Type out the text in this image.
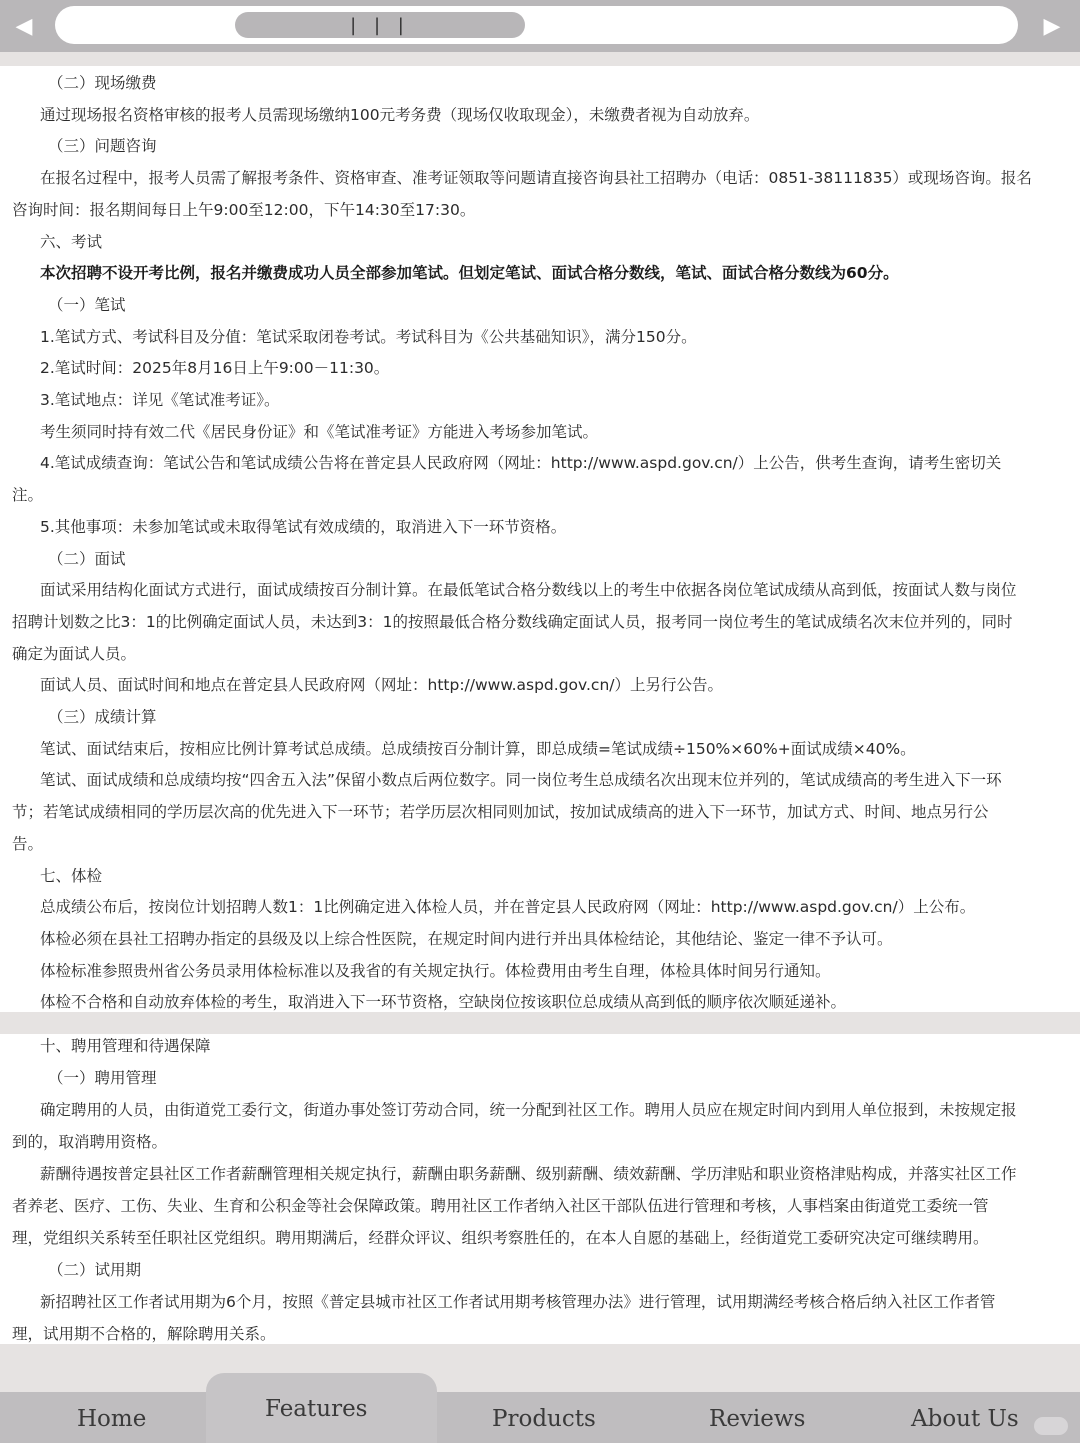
◀	| | |	▶
（二）现场缴费
通过现场报名资格审核的报考人员需现场缴纳100元考务费（现场仅收取现金），未缴费者视为自动放弃。
（三）问题咨询
在报名过程中，报考人员需了解报考条件、资格审查、准考证领取等问题请直接咨询县社工招聘办（电话：0851-38111835）或现场咨询。报名
咨询时间：报名期间每日上午9:00至12:00，下午14:30至17:30。
六、考试
本次招聘不设开考比例，报名并缴费成功人员全部参加笔试。但划定笔试、面试合格分数线，笔试、面试合格分数线为60分。
（一）笔试
1.笔试方式、考试科目及分值：笔试采取闭卷考试。考试科目为《公共基础知识》，满分150分。
2.笔试时间：2025年8月16日上午9:00－11:30。
3.笔试地点：详见《笔试准考证》。
考生须同时持有效二代《居民身份证》和《笔试准考证》方能进入考场参加笔试。
4.笔试成绩查询：笔试公告和笔试成绩公告将在普定县人民政府网（网址：http://www.aspd.gov.cn/）上公告，供考生查询，请考生密切关
注。
5.其他事项：未参加笔试或未取得笔试有效成绩的，取消进入下一环节资格。
（二）面试
面试采用结构化面试方式进行，面试成绩按百分制计算。在最低笔试合格分数线以上的考生中依据各岗位笔试成绩从高到低，按面试人数与岗位
招聘计划数之比3：1的比例确定面试人员，未达到3：1的按照最低合格分数线确定面试人员，报考同一岗位考生的笔试成绩名次末位并列的，同时
确定为面试人员。
面试人员、面试时间和地点在普定县人民政府网（网址：http://www.aspd.gov.cn/）上另行公告。
（三）成绩计算
笔试、面试结束后，按相应比例计算考试总成绩。总成绩按百分制计算，即总成绩=笔试成绩÷150%×60%+面试成绩×40%。
笔试、面试成绩和总成绩均按“四舍五入法”保留小数点后两位数字。同一岗位考生总成绩名次出现末位并列的，笔试成绩高的考生进入下一环
节；若笔试成绩相同的学历层次高的优先进入下一环节；若学历层次相同则加试，按加试成绩高的进入下一环节，加试方式、时间、地点另行公
告。
七、体检
总成绩公布后，按岗位计划招聘人数1：1比例确定进入体检人员，并在普定县人民政府网（网址：http://www.aspd.gov.cn/）上公布。
体检必须在县社工招聘办指定的县级及以上综合性医院，在规定时间内进行并出具体检结论，其他结论、鉴定一律不予认可。
体检标准参照贵州省公务员录用体检标准以及我省的有关规定执行。体检费用由考生自理，体检具体时间另行通知。
体检不合格和自动放弃体检的考生，取消进入下一环节资格，空缺岗位按该职位总成绩从高到低的顺序依次顺延递补。
十、聘用管理和待遇保障
（一）聘用管理
确定聘用的人员，由街道党工委行文，街道办事处签订劳动合同，统一分配到社区工作。聘用人员应在规定时间内到用人单位报到，未按规定报
到的，取消聘用资格。
薪酬待遇按普定县社区工作者薪酬管理相关规定执行，薪酬由职务薪酬、级别薪酬、绩效薪酬、学历津贴和职业资格津贴构成，并落实社区工作
者养老、医疗、工伤、失业、生育和公积金等社会保障政策。聘用社区工作者纳入社区干部队伍进行管理和考核，人事档案由街道党工委统一管
理，党组织关系转至任职社区党组织。聘用期满后，经群众评议、组织考察胜任的，在本人自愿的基础上，经街道党工委研究决定可继续聘用。
（二）试用期
新招聘社区工作者试用期为6个月，按照《普定县城市社区工作者试用期考核管理办法》进行管理，试用期满经考核合格后纳入社区工作者管
理，试用期不合格的，解除聘用关系。
Home	Features	Products	Reviews	About Us
